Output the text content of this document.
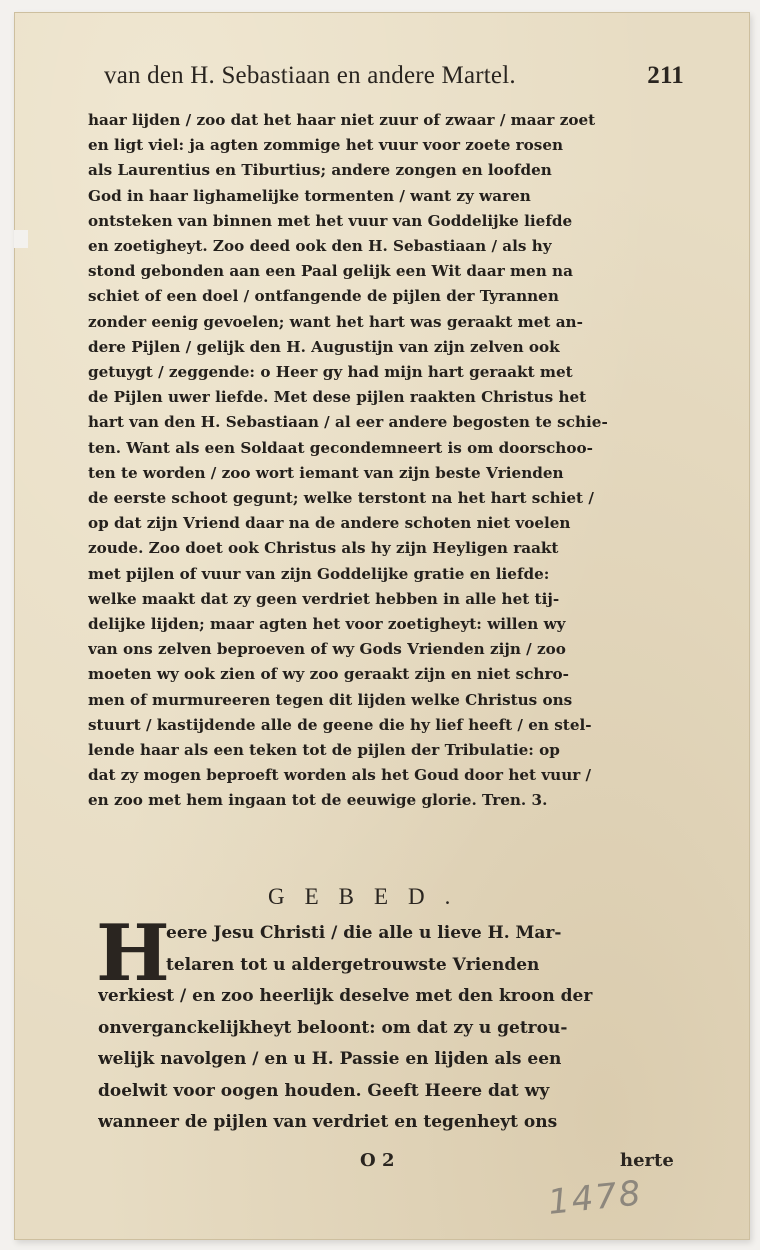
van den H. Sebastiaan en andere Martel.	211
haar lijden / zoo dat het haar niet zuur of zwaar / maar zoet
en ligt viel: ja agten zommige het vuur voor zoete rosen
als Laurentius en Tiburtius; andere zongen en loofden
God in haar lighamelijke tormenten / want zy waren
ontsteken van binnen met het vuur van Goddelijke liefde
en zoetigheyt. Zoo deed ook den H. Sebastiaan / als hy
stond gebonden aan een Paal gelijk een Wit daar men na
schiet of een doel / ontfangende de pijlen der Tyrannen
zonder eenig gevoelen; want het hart was geraakt met an-
dere Pijlen / gelijk den H. Augustijn van zijn zelven ook
getuygt / zeggende: o Heer gy had mijn hart geraakt met
de Pijlen uwer liefde. Met dese pijlen raakten Christus het
hart van den H. Sebastiaan / al eer andere begosten te schie-
ten. Want als een Soldaat gecondemneert is om doorschoo-
ten te worden / zoo wort iemant van zijn beste Vrienden
de eerste schoot gegunt; welke terstont na het hart schiet /
op dat zijn Vriend daar na de andere schoten niet voelen
zoude. Zoo doet ook Christus als hy zijn Heyligen raakt
met pijlen of vuur van zijn Goddelijke gratie en liefde:
welke maakt dat zy geen verdriet hebben in alle het tij-
delijke lijden; maar agten het voor zoetigheyt: willen wy
van ons zelven beproeven of wy Gods Vrienden zijn / zoo
moeten wy ook zien of wy zoo geraakt zijn en niet schro-
men of murmureeren tegen dit lijden welke Christus ons
stuurt / kastijdende alle de geene die hy lief heeft / en stel-
lende haar als een teken tot de pijlen der Tribulatie: op
dat zy mogen beproeft worden als het Goud door het vuur /
en zoo met hem ingaan tot de eeuwige glorie. Tren. 3.
GEBED.
H
eere Jesu Christi / die alle u lieve H. Mar-
telaren tot u aldergetrouwste Vrienden
verkiest / en zoo heerlijk deselve met den kroon der
onverganckelijkheyt beloont: om dat zy u getrou-
welijk navolgen / en u H. Passie en lijden als een
doelwit voor oogen houden. Geeft Heere dat wy
wanneer de pijlen van verdriet en tegenheyt ons
O 2	herte
1478
